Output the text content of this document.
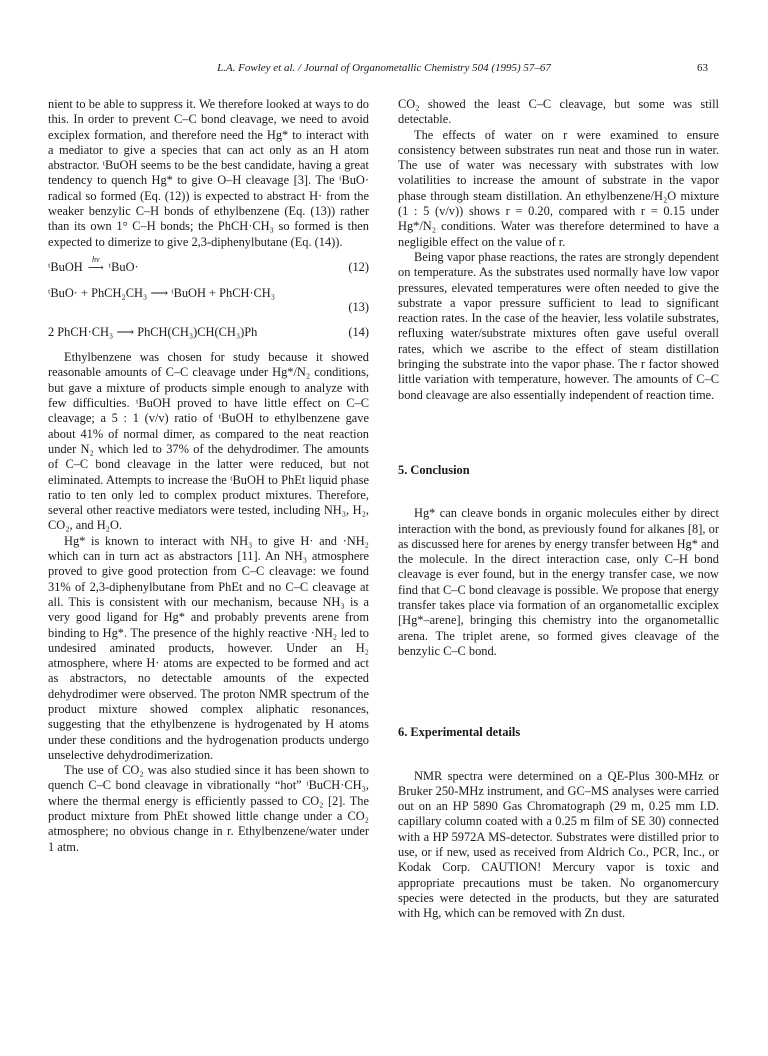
L.A. Fowley et al. / Journal of Organometallic Chemistry 504 (1995) 57–67	63

nient to be able to suppress it. We therefore looked at ways to do this. In order to prevent C–C bond cleavage, we need to avoid exciplex formation, and therefore need the Hg* to interact with a mediator to give a species that can act only as an H atom abstractor. ᵗBuOH seems to be the best candidate, having a great tendency to quench Hg* to give O–H cleavage [3]. The ᵗBuO· radical so formed (Eq. (12)) is expected to abstract H· from the weaker benzylic C–H bonds of ethylbenzene (Eq. (13)) rather than its own 1° C–H bonds; the PhCH·CH₃ so formed is then expected to dimerize to give 2,3-diphenylbutane (Eq. (14)).

ᵗBuOH
hν
⟶ ᵗBuO·	(12)
ᵗBuO· + PhCH₂CH₃ ⟶ ᵗBuOH + PhCH·CH₃
(13)
2 PhCH·CH₃ ⟶ PhCH(CH₃)CH(CH₃)Ph	(14)

Ethylbenzene was chosen for study because it showed reasonable amounts of C–C cleavage under Hg*/N₂ conditions, but gave a mixture of products simple enough to analyze with few difficulties. ᵗBuOH proved to have little effect on C–C cleavage; a 5 : 1 (v/v) ratio of ᵗBuOH to ethylbenzene gave about 41% of normal dimer, as compared to the neat reaction under N₂ which led to 37% of the dehydrodimer. The amounts of C–C bond cleavage in the latter were reduced, but not eliminated. Attempts to increase the ᵗBuOH to PhEt liquid phase ratio to ten only led to complex product mixtures. Therefore, several other reactive mediators were tested, including NH₃, H₂, CO₂, and H₂O.

Hg* is known to interact with NH₃ to give H· and ·NH₂ which can in turn act as abstractors [11]. An NH₃ atmosphere proved to give good protection from C–C cleavage: we found 31% of 2,3-diphenylbutane from PhEt and no C–C cleavage at all. This is consistent with our mechanism, because NH₃ is a very good ligand for Hg* and probably prevents arene from binding to Hg*. The presence of the highly reactive ·NH₂ led to undesired aminated products, however. Under an H₂ atmosphere, where H· atoms are expected to be formed and act as abstractors, no detectable amounts of the expected dehydrodimer were observed. The proton NMR spectrum of the product mixture showed complex aliphatic resonances, suggesting that the ethylbenzene is hydrogenated by H atoms under these conditions and the hydrogenation products undergo unselective dehydrodimerization.

The use of CO₂ was also studied since it has been shown to quench C–C bond cleavage in vibrationally “hot” ᵗBuCH·CH₃, where the thermal energy is efficiently passed to CO₂ [2]. The product mixture from PhEt showed little change under a CO₂ atmosphere; no obvious change in r. Ethylbenzene/water under 1 atm.

CO₂ showed the least C–C cleavage, but some was still detectable.

The effects of water on r were examined to ensure consistency between substrates run neat and those run in water. The use of water was necessary with substrates with low volatilities to increase the amount of substrate in the vapor phase through steam distillation. An ethylbenzene/H₂O mixture (1 : 5 (v/v)) shows r = 0.20, compared with r = 0.15 under Hg*/N₂ conditions. Water was therefore determined to have a negligible effect on the value of r.

Being vapor phase reactions, the rates are strongly dependent on temperature. As the substrates used normally have low vapor pressures, elevated temperatures were often needed to give the substrate a vapor pressure sufficient to lead to significant reaction rates. In the case of the heavier, less volatile substrates, refluxing water/substrate mixtures often gave useful overall rates, which we ascribe to the effect of steam distillation bringing the substrate into the vapor phase. The r factor showed little variation with temperature, however. The amounts of C–C bond cleavage are also essentially independent of reaction time.

5. Conclusion

Hg* can cleave bonds in organic molecules either by direct interaction with the bond, as previously found for alkanes [8], or as discussed here for arenes by energy transfer between Hg* and the molecule. In the direct interaction case, only C–H bond cleavage is ever found, but in the energy transfer case, we now find that C–C bond cleavage is possible. We propose that energy transfer takes place via formation of an organometallic exciplex [Hg*–arene], bringing this chemistry into the organometallic arena. The triplet arene, so formed gives cleavage of the benzylic C–C bond.

6. Experimental details

NMR spectra were determined on a QE-Plus 300-MHz or Bruker 250-MHz instrument, and GC–MS analyses were carried out on an HP 5890 Gas Chromatograph (29 m, 0.25 mm I.D. capillary column coated with a 0.25 m film of SE 30) connected with a HP 5972A MS-detector. Substrates were distilled prior to use, or if new, used as received from Aldrich Co., PCR, Inc., or Kodak Corp. CAUTION! Mercury vapor is toxic and appropriate precautions must be taken. No organomercury species were detected in the products, but they are saturated with Hg, which can be removed with Zn dust.
